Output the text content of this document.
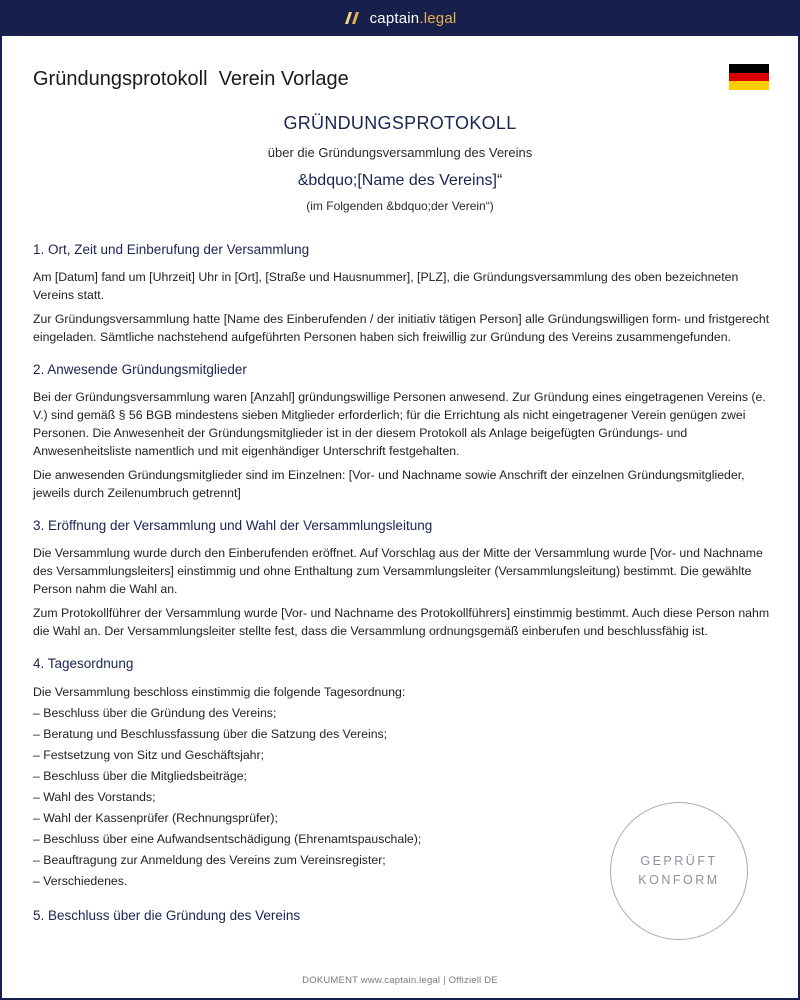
captain.legal
Gründungsprotokoll  Verein Vorlage
GRÜNDUNGSPROTOKOLL
über die Gründungsversammlung des Vereins
&bdquo;[Name des Vereins]“
(im Folgenden &bdquo;der Verein“)
1. Ort, Zeit und Einberufung der Versammlung

Am [Datum] fand um [Uhrzeit] Uhr in [Ort], [Straße und Hausnummer], [PLZ], die Gründungsversammlung des oben bezeichneten Vereins statt.

Zur Gründungsversammlung hatte [Name des Einberufenden / der initiativ tätigen Person] alle Gründungswilligen form- und fristgerecht eingeladen. Sämtliche nachstehend aufgeführten Personen haben sich freiwillig zur Gründung des Vereins zusammengefunden.

2. Anwesende Gründungsmitglieder

Bei der Gründungsversammlung waren [Anzahl] gründungswillige Personen anwesend. Zur Gründung eines eingetragenen Vereins (e. V.) sind gemäß § 56 BGB mindestens sieben Mitglieder erforderlich; für die Errichtung als nicht eingetragener Verein genügen zwei Personen. Die Anwesenheit der Gründungsmitglieder ist in der diesem Protokoll als Anlage beigefügten Gründungs- und Anwesenheitsliste namentlich und mit eigenhändiger Unterschrift festgehalten.

Die anwesenden Gründungsmitglieder sind im Einzelnen: [Vor- und Nachname sowie Anschrift der einzelnen Gründungsmitglieder, jeweils durch Zeilenumbruch getrennt]

3. Eröffnung der Versammlung und Wahl der Versammlungsleitung

Die Versammlung wurde durch den Einberufenden eröffnet. Auf Vorschlag aus der Mitte der Versammlung wurde [Vor- und Nachname des Versammlungsleiters] einstimmig und ohne Enthaltung zum Versammlungsleiter (Versammlungsleitung) bestimmt. Die gewählte Person nahm die Wahl an.

Zum Protokollführer der Versammlung wurde [Vor- und Nachname des Protokollführers] einstimmig bestimmt. Auch diese Person nahm die Wahl an. Der Versammlungsleiter stellte fest, dass die Versammlung ordnungsgemäß einberufen und beschlussfähig ist.

4. Tagesordnung
Die Versammlung beschloss einstimmig die folgende Tagesordnung:
– Beschluss über die Gründung des Vereins;
– Beratung und Beschlussfassung über die Satzung des Vereins;
– Festsetzung von Sitz und Geschäftsjahr;
– Beschluss über die Mitgliedsbeiträge;
– Wahl des Vorstands;
– Wahl der Kassenprüfer (Rechnungsprüfer);
– Beschluss über eine Aufwandsentschädigung (Ehrenamtspauschale);
– Beauftragung zur Anmeldung des Vereins zum Vereinsregister;
– Verschiedenes.
5. Beschluss über die Gründung des Vereins
GEPRÜFT
KONFORM
DOKUMENT www.captain.legal | Offiziell DE
